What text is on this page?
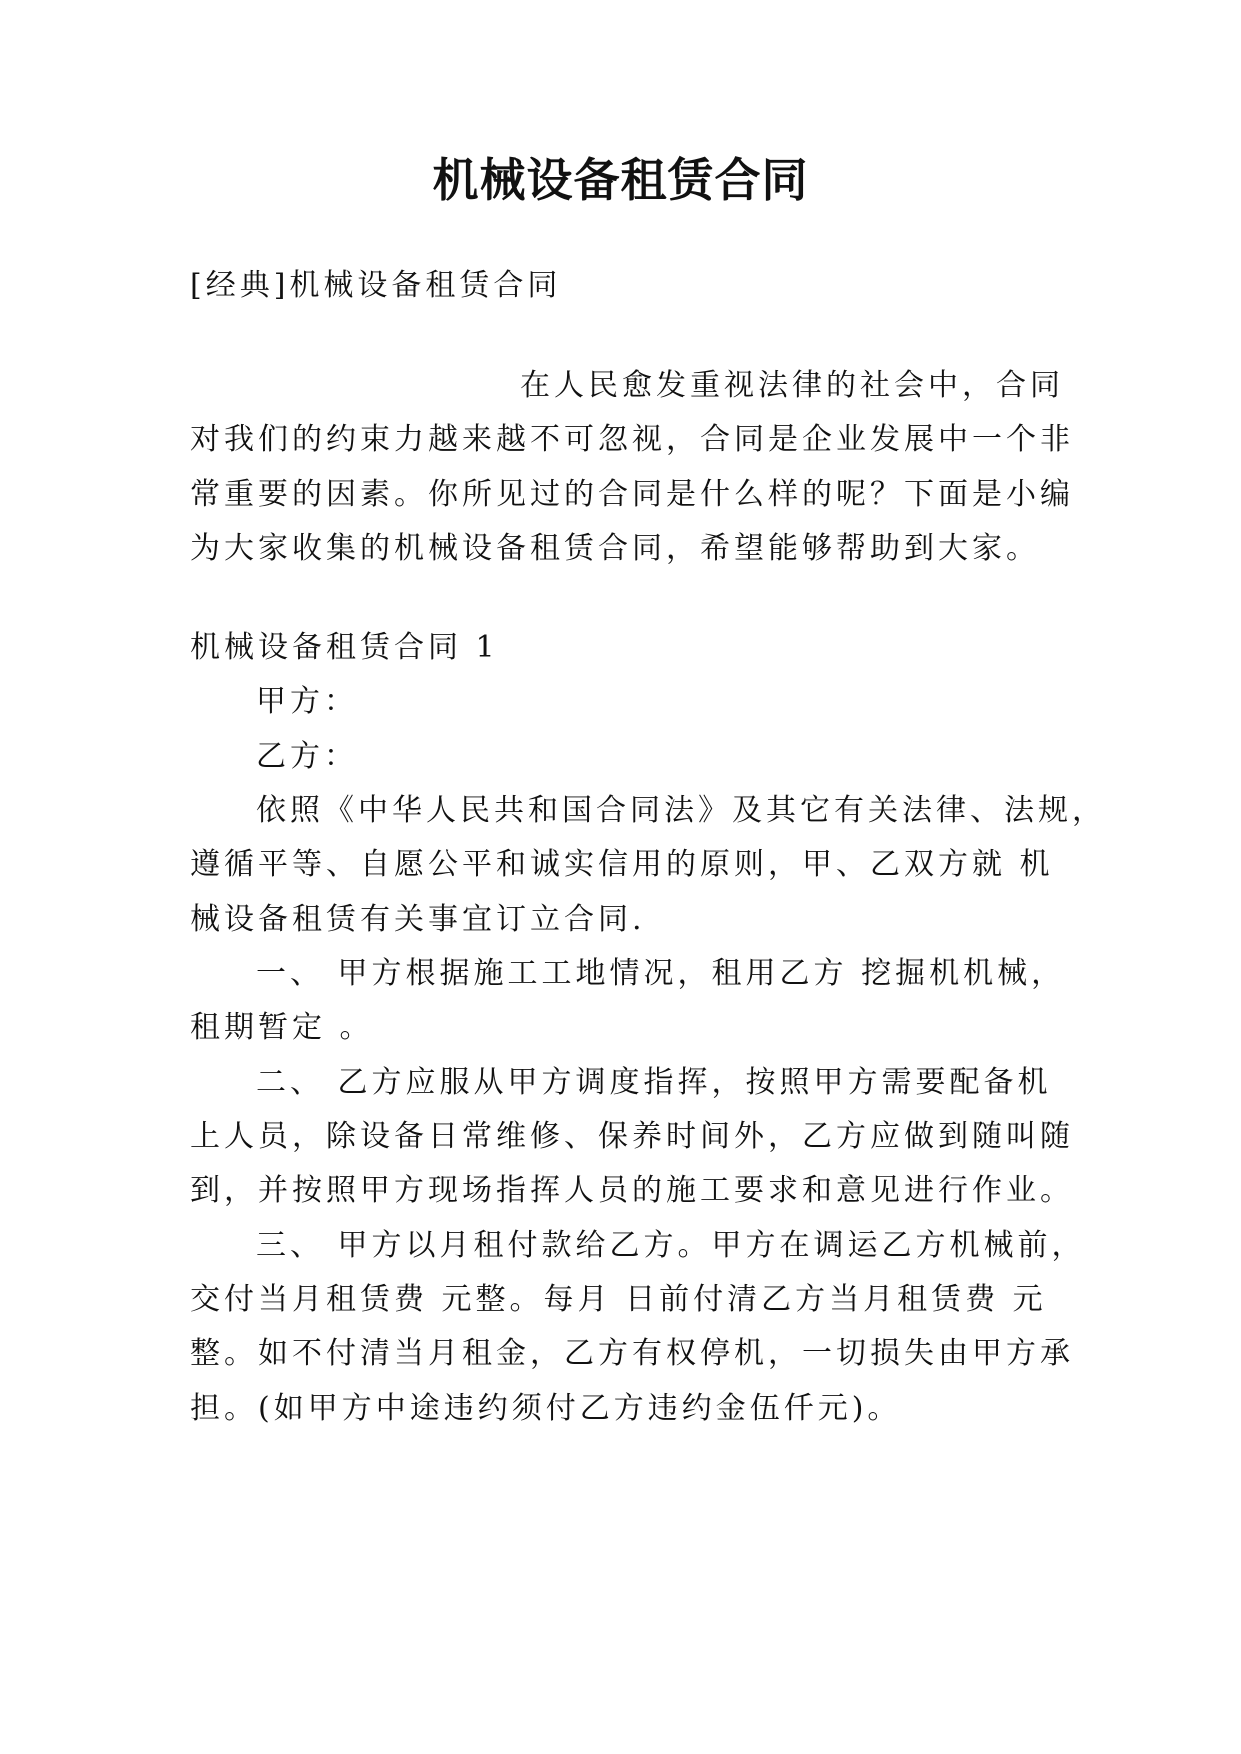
机械设备租赁合同
[经典]机械设备租赁合同
在人民愈发重视法律的社会中，合同
对我们的约束力越来越不可忽视，合同是企业发展中一个非
常重要的因素。你所见过的合同是什么样的呢？下面是小编
为大家收集的机械设备租赁合同，希望能够帮助到大家。
机械设备租赁合同 1
甲方：
乙方：
依照《中华人民共和国合同法》及其它有关法律、法规，
遵循平等、自愿公平和诚实信用的原则，甲、乙双方就 机
械设备租赁有关事宜订立合同.
一、 甲方根据施工工地情况，租用乙方 挖掘机机械，
租期暂定 。
二、 乙方应服从甲方调度指挥，按照甲方需要配备机
上人员，除设备日常维修、保养时间外，乙方应做到随叫随
到，并按照甲方现场指挥人员的施工要求和意见进行作业。
三、 甲方以月租付款给乙方。甲方在调运乙方机械前，
交付当月租赁费 元整。每月 日前付清乙方当月租赁费 元
整。如不付清当月租金，乙方有权停机，一切损失由甲方承
担。(如甲方中途违约须付乙方违约金伍仟元)。
